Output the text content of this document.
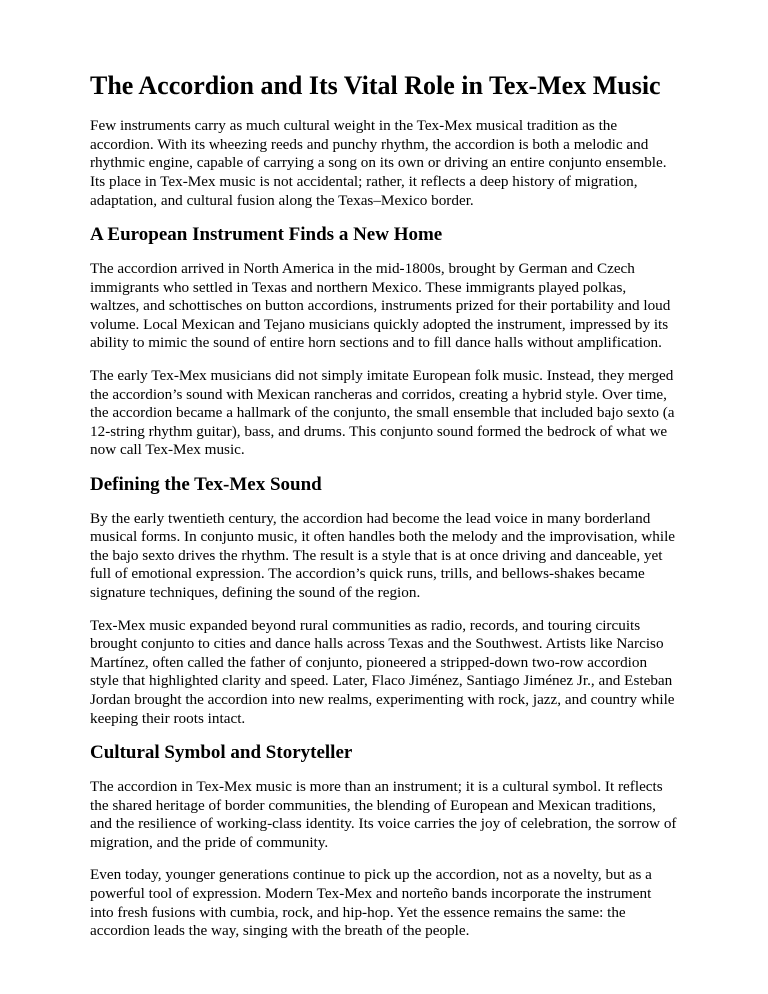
The Accordion and Its Vital Role in Tex-Mex Music

Few instruments carry as much cultural weight in the Tex-Mex musical tradition as the accordion. With its wheezing reeds and punchy rhythm, the accordion is both a melodic and rhythmic engine, capable of carrying a song on its own or driving an entire conjunto ensemble. Its place in Tex-Mex music is not accidental; rather, it reflects a deep history of migration, adaptation, and cultural fusion along the Texas–Mexico border.

A European Instrument Finds a New Home

The accordion arrived in North America in the mid-1800s, brought by German and Czech immigrants who settled in Texas and northern Mexico. These immigrants played polkas, waltzes, and schottisches on button accordions, instruments prized for their portability and loud volume. Local Mexican and Tejano musicians quickly adopted the instrument, impressed by its ability to mimic the sound of entire horn sections and to fill dance halls without amplification.

The early Tex-Mex musicians did not simply imitate European folk music. Instead, they merged the accordion’s sound with Mexican rancheras and corridos, creating a hybrid style. Over time, the accordion became a hallmark of the conjunto, the small ensemble that included bajo sexto (a 12-string rhythm guitar), bass, and drums. This conjunto sound formed the bedrock of what we now call Tex-Mex music.

Defining the Tex-Mex Sound

By the early twentieth century, the accordion had become the lead voice in many borderland musical forms. In conjunto music, it often handles both the melody and the improvisation, while the bajo sexto drives the rhythm. The result is a style that is at once driving and danceable, yet full of emotional expression. The accordion’s quick runs, trills, and bellows-shakes became signature techniques, defining the sound of the region.

Tex-Mex music expanded beyond rural communities as radio, records, and touring circuits brought conjunto to cities and dance halls across Texas and the Southwest. Artists like Narciso Martínez, often called the father of conjunto, pioneered a stripped-down two-row accordion style that highlighted clarity and speed. Later, Flaco Jiménez, Santiago Jiménez Jr., and Esteban Jordan brought the accordion into new realms, experimenting with rock, jazz, and country while keeping their roots intact.

Cultural Symbol and Storyteller

The accordion in Tex-Mex music is more than an instrument; it is a cultural symbol. It reflects the shared heritage of border communities, the blending of European and Mexican traditions, and the resilience of working-class identity. Its voice carries the joy of celebration, the sorrow of migration, and the pride of community.

Even today, younger generations continue to pick up the accordion, not as a novelty, but as a powerful tool of expression. Modern Tex-Mex and norteño bands incorporate the instrument into fresh fusions with cumbia, rock, and hip-hop. Yet the essence remains the same: the accordion leads the way, singing with the breath of the people.
